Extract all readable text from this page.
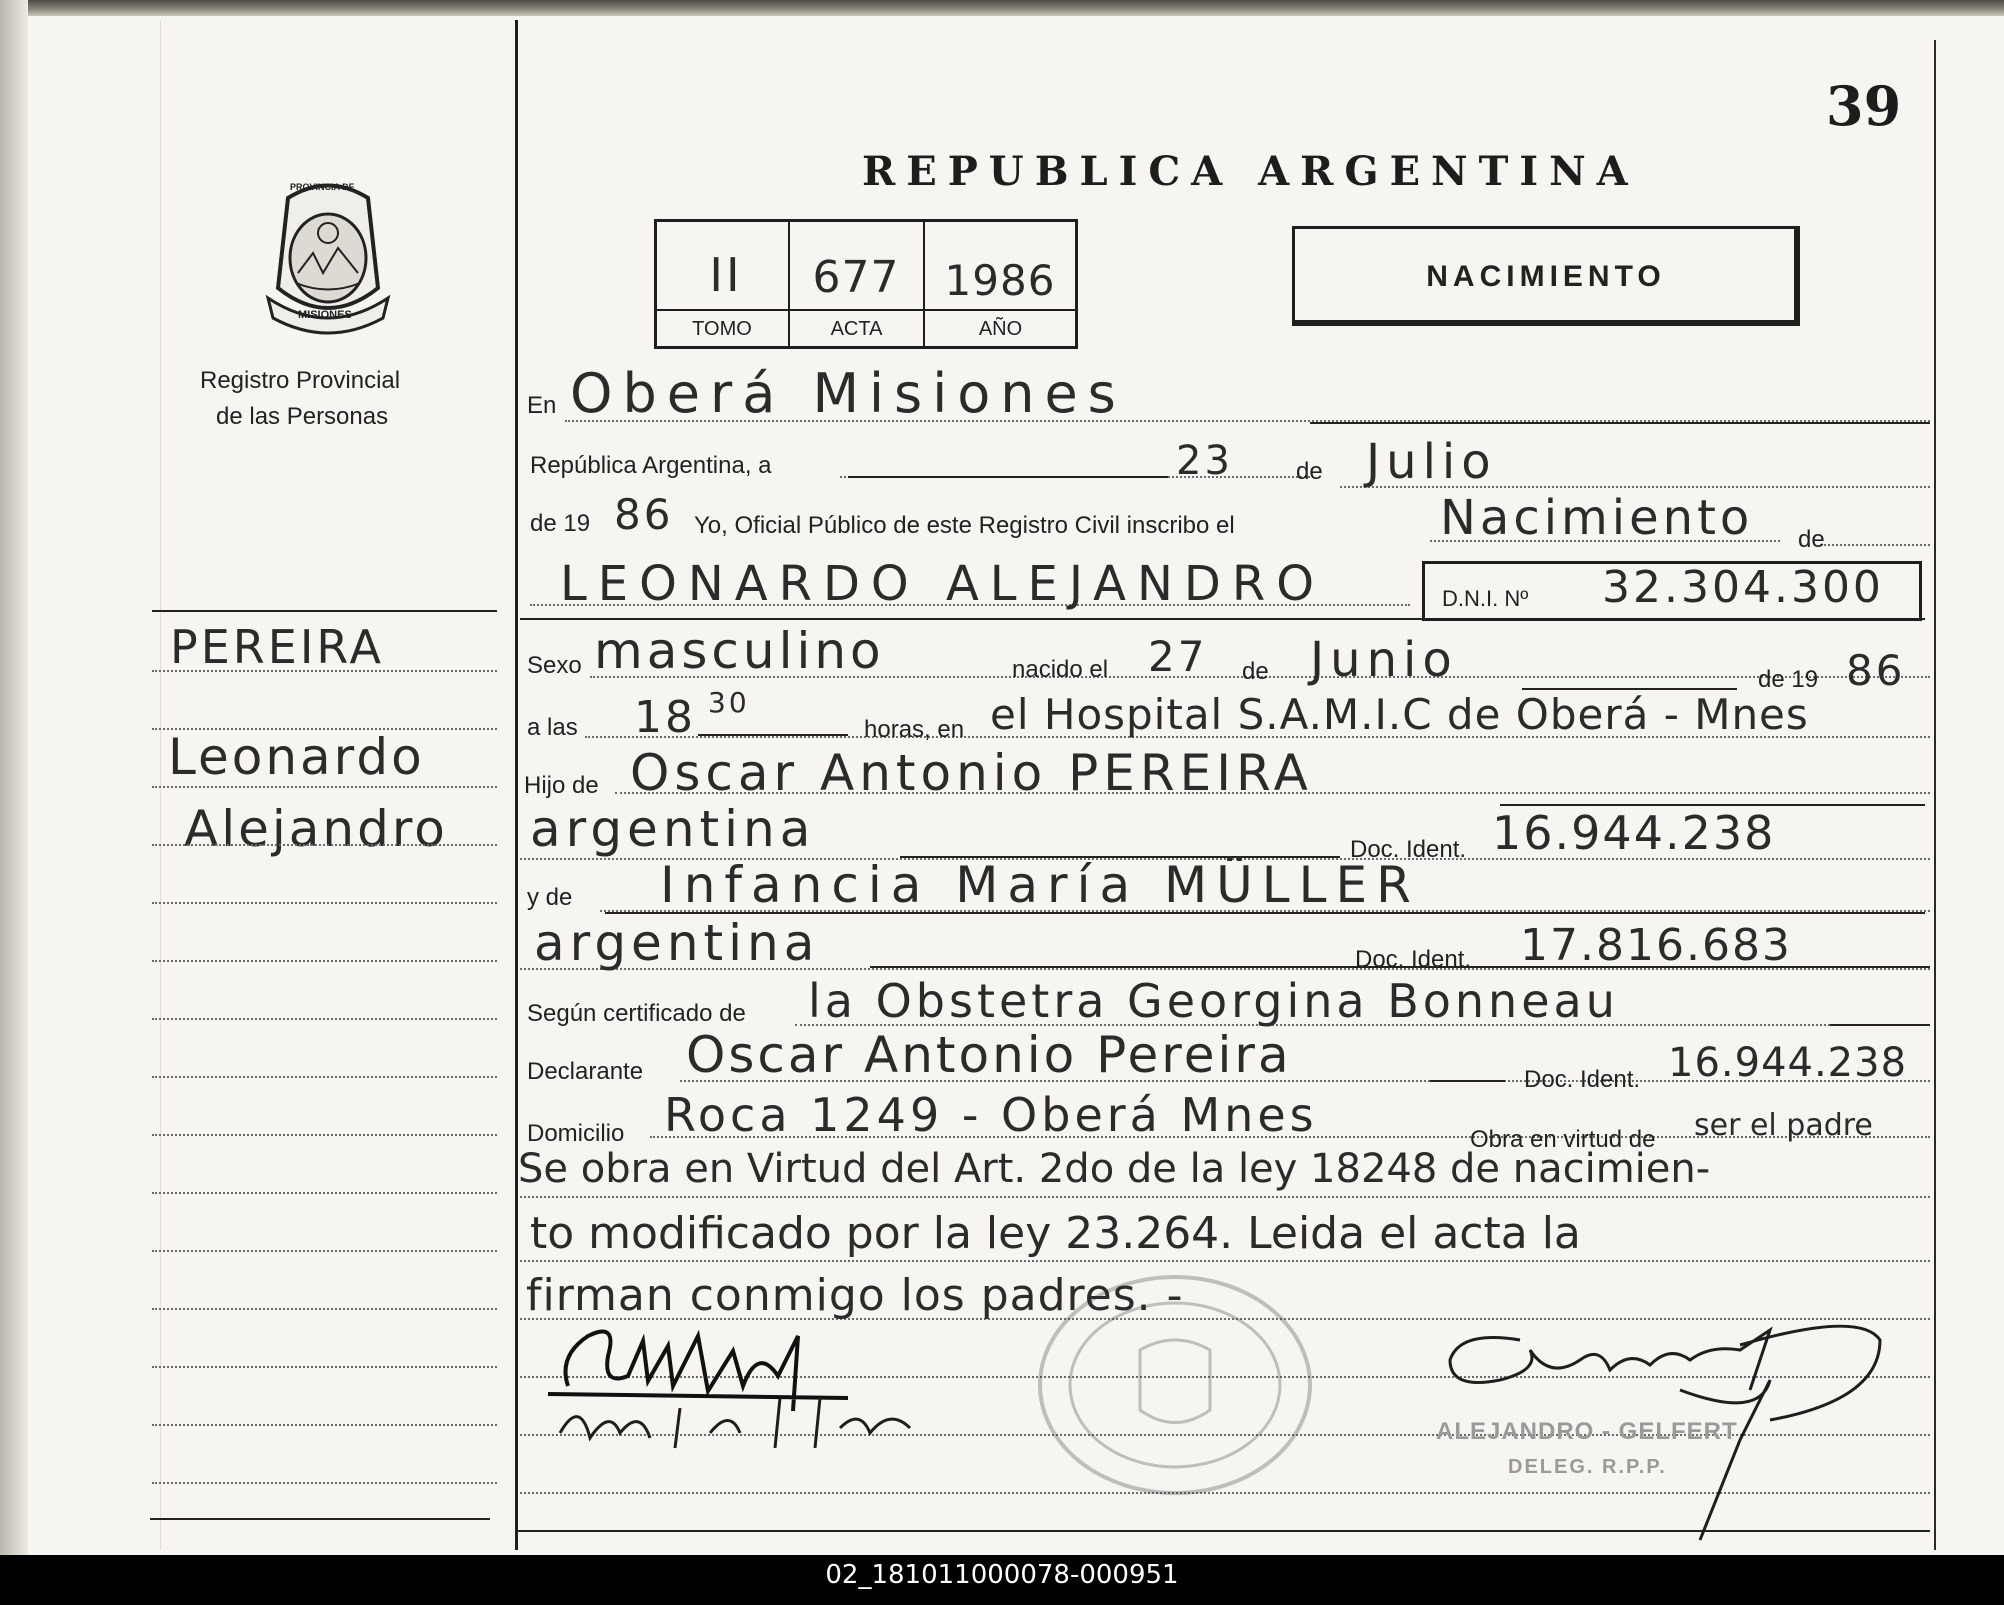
PROVINCIA DE
MISIONES
Registro Provincial
de las Personas
PEREIRA
Leonardo
Alejandro
39
REPUBLICA ARGENTINA
II	677	1986
TOMO	ACTA	AÑO
NACIMIENTO
En Oberá Misiones
República Argentina, a	23	de Julio
de 19 86 Yo, Oficial Público de este Registro Civil inscribo el	Nacimiento de
LEONARDO ALEJANDRO	D.N.I. Nº 32.304.300
Sexo masculino	nacido el 27 de Junio	de 19 86
a las 18 30
horas, en el Hospital S.A.M.I.C de Oberá - Mnes
Hijo de Oscar Antonio PEREIRA
argentina	Doc. Ident. 16.944.238
y de Infancia María MÜLLER
argentina	Doc. Ident. 17.816.683
Según certificado de la Obstetra Georgina Bonneau
Declarante Oscar Antonio Pereira	Doc. Ident. 16.944.238
Domicilio Roca 1249 - Oberá Mnes	Obra en virtud de ser el padre
Se obra en Virtud del Art. 2do de la ley 18248 de nacimien-
to modificado por la ley 23.264. Leida el acta la
firman conmigo los padres. -
ALEJANDRO - GELFERT
DELEG. R.P.P.
02_181011000078-000951
